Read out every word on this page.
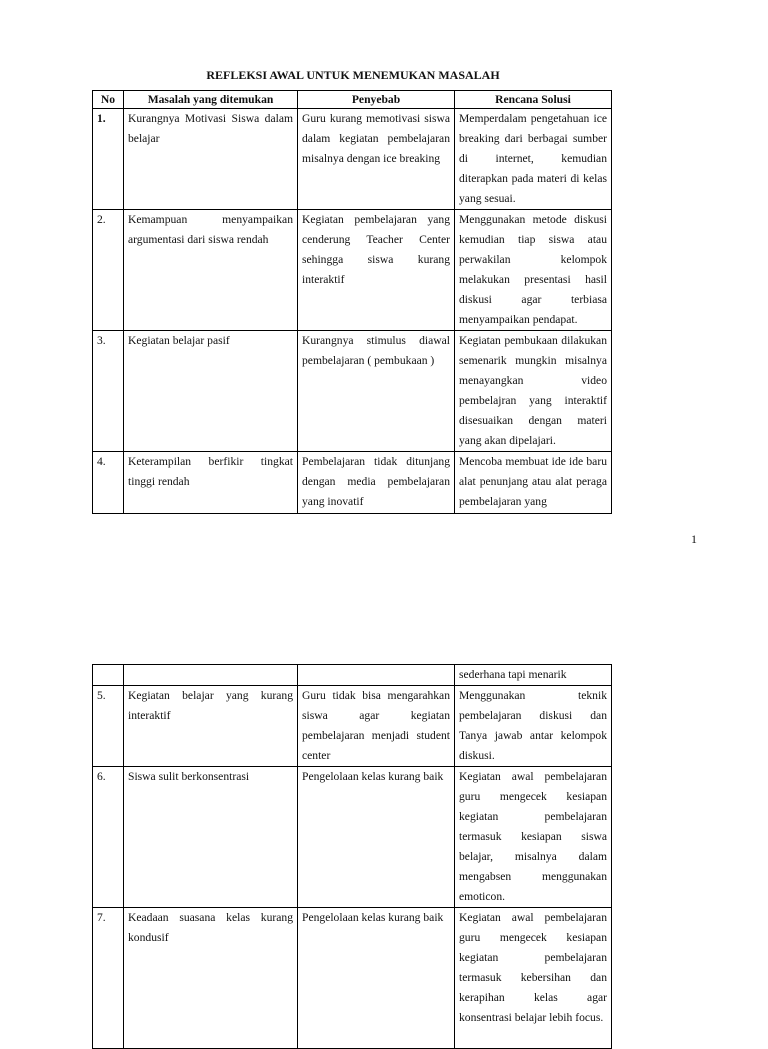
REFLEKSI AWAL UNTUK MENEMUKAN MASALAH
No	Masalah yang ditemukan	Penyebab	Rencana Solusi
1.	Kurangnya Motivasi Siswa dalam belajar	Guru kurang memotivasi siswa dalam kegiatan pembelajaran misalnya dengan ice breaking	Memperdalam pengetahuan ice breaking dari berbagai sumber di internet, kemudian diterapkan pada materi di kelas yang sesuai.
2.	Kemampuan menyampaikan argumentasi dari siswa rendah	Kegiatan pembelajaran yang cenderung Teacher Center sehingga siswa kurang interaktif	Menggunakan metode diskusi kemudian tiap siswa atau perwakilan kelompok melakukan presentasi hasil diskusi agar terbiasa menyampaikan pendapat.
3.	Kegiatan belajar pasif	Kurangnya stimulus diawal pembelajaran ( pembukaan )	Kegiatan pembukaan dilakukan semenarik mungkin misalnya menayangkan video pembelajran yang interaktif disesuaikan dengan materi yang akan dipelajari.
4.	Keterampilan berfikir tingkat tinggi rendah	Pembelajaran tidak ditunjang dengan media pembelajaran yang inovatif	Mencoba membuat ide ide baru alat penunjang atau alat peraga pembelajaran yang
1
			sederhana tapi menarik
5.	Kegiatan belajar yang kurang interaktif	Guru tidak bisa mengarahkan siswa agar kegiatan pembelajaran menjadi student center	Menggunakan teknik pembelajaran diskusi dan Tanya jawab antar kelompok diskusi.
6.	Siswa sulit berkonsentrasi	Pengelolaan kelas kurang baik	Kegiatan awal pembelajaran guru mengecek kesiapan kegiatan pembelajaran termasuk kesiapan siswa belajar, misalnya dalam mengabsen menggunakan emoticon.
7.	Keadaan suasana kelas kurang kondusif	Pengelolaan kelas kurang baik	Kegiatan awal pembelajaran guru mengecek kesiapan kegiatan pembelajaran termasuk kebersihan dan kerapihan kelas agar konsentrasi belajar lebih focus.
